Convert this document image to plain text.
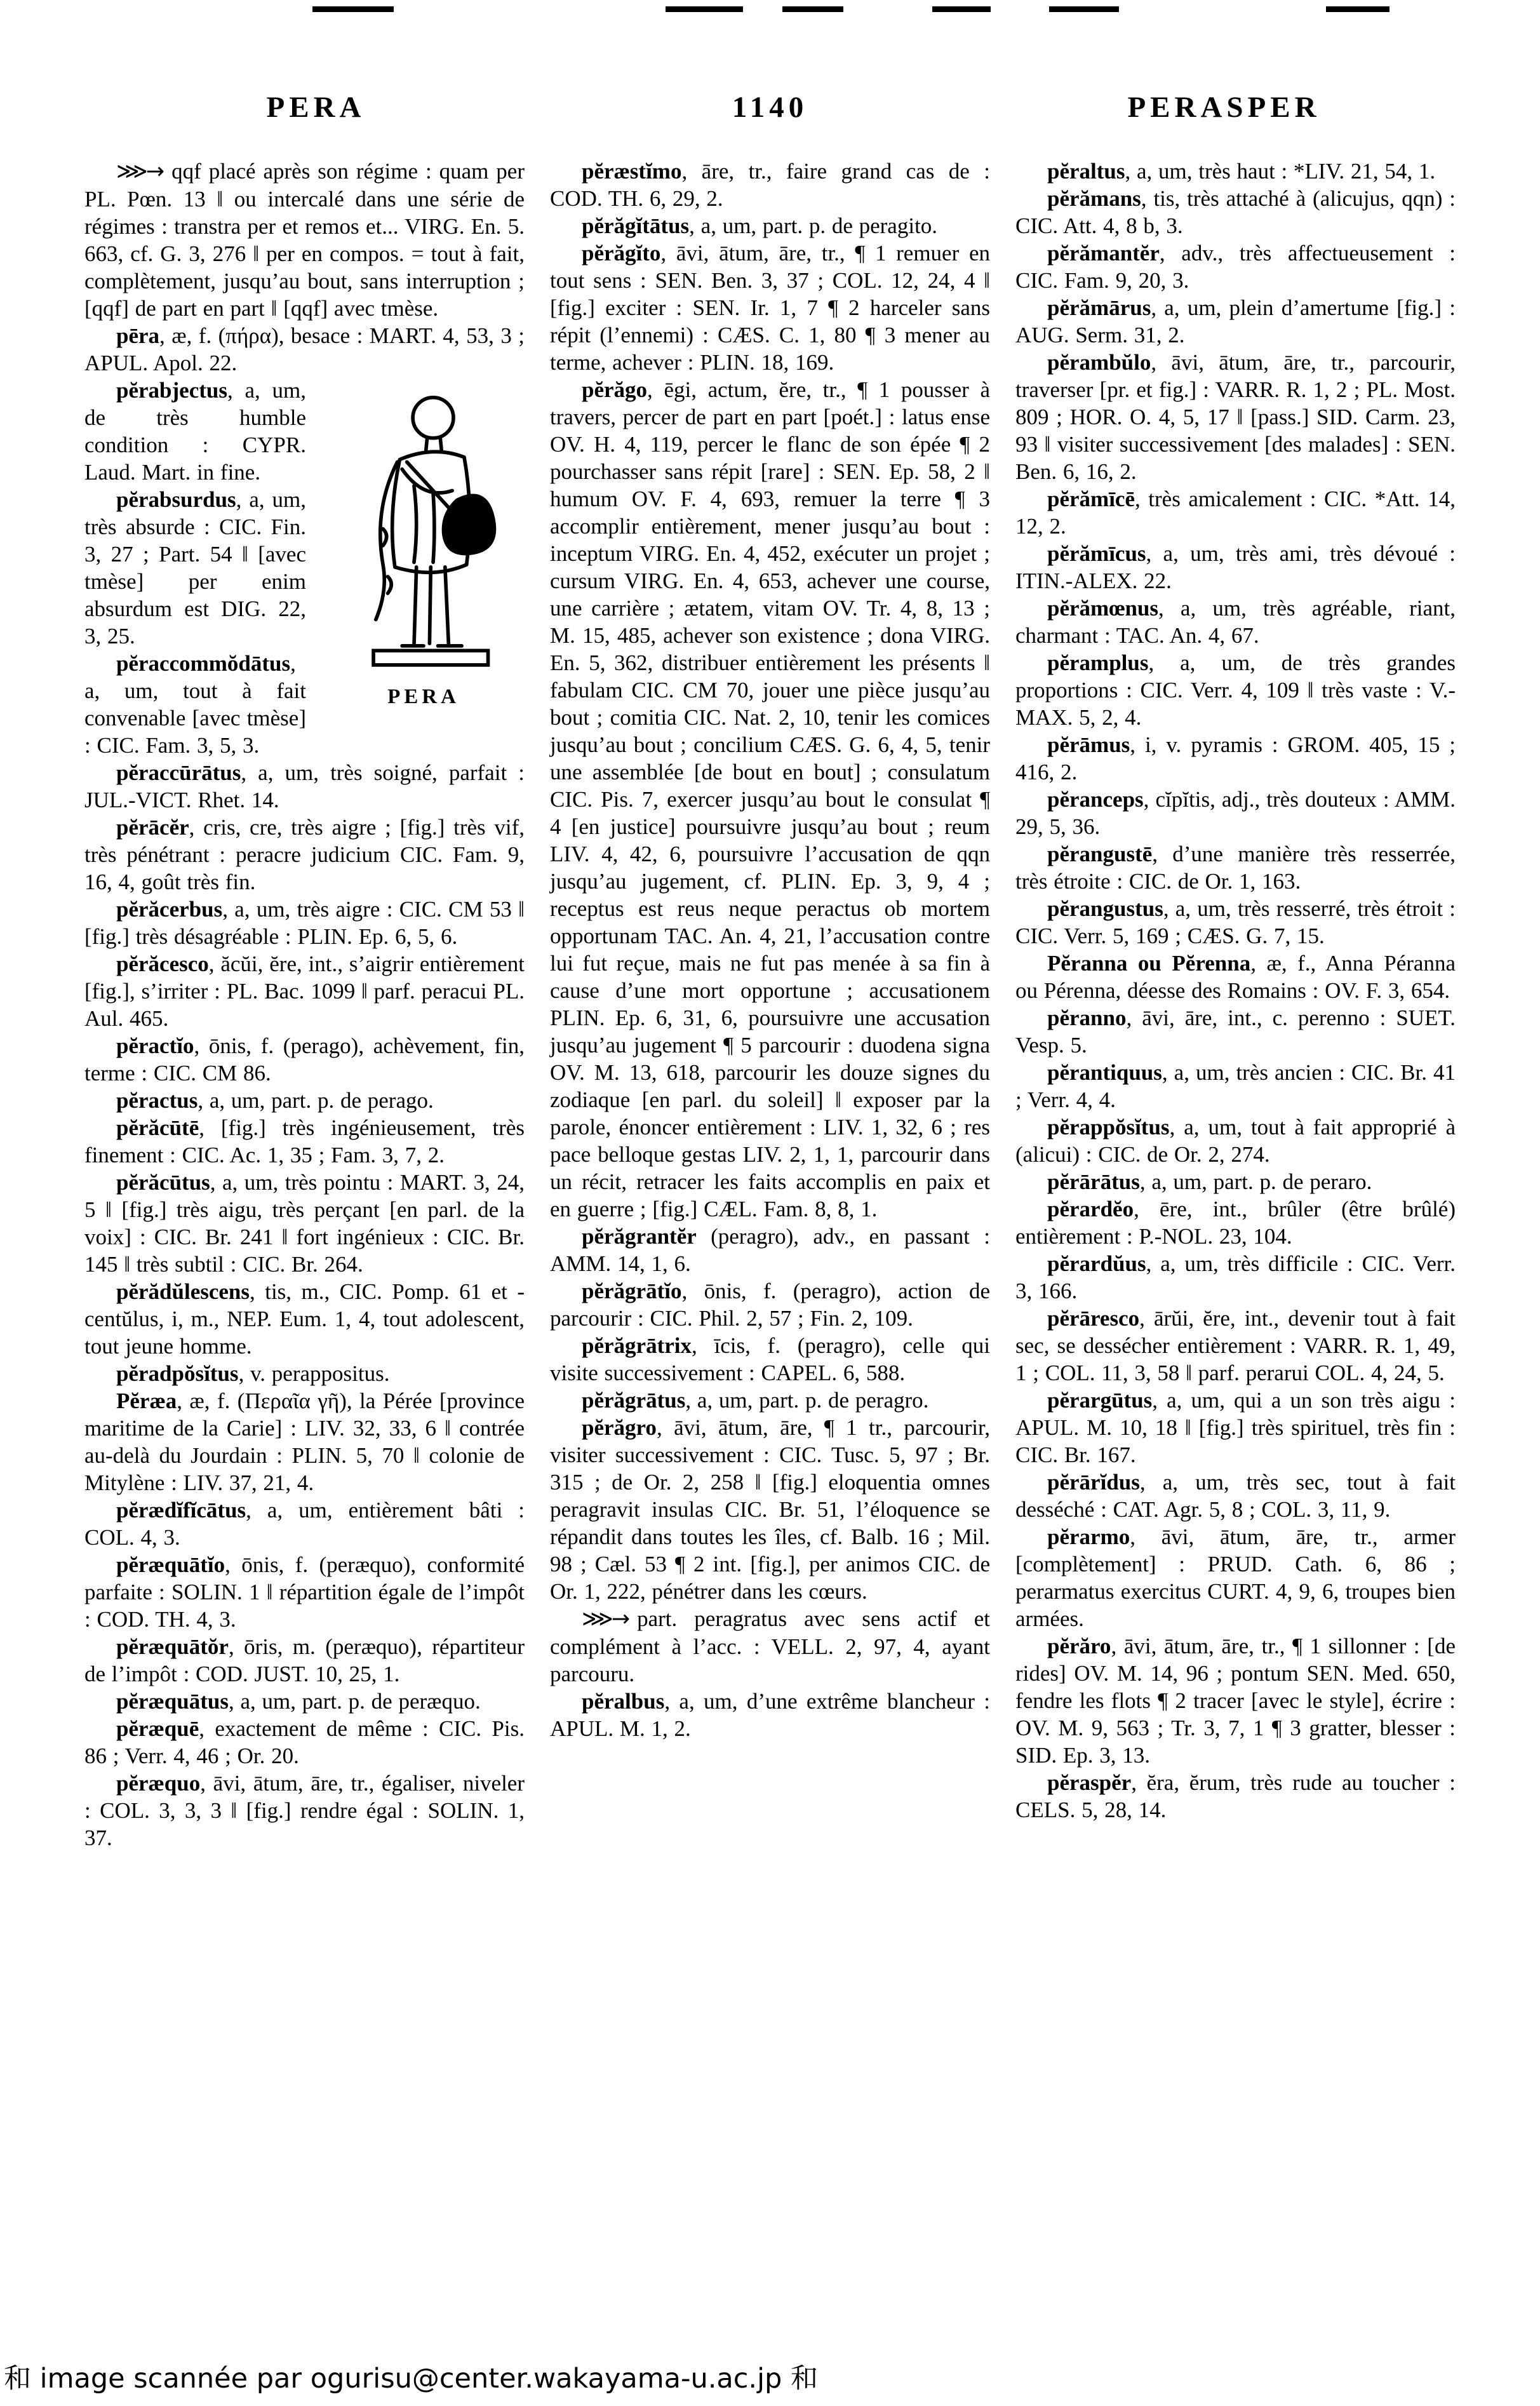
PERA	1140	PERASPER

⋙→ qqf placé après son régime : quam per PL. Pœn. 13 ‖ ou intercalé dans une série de régimes : transtra per et remos et... VIRG. En. 5. 663, cf. G. 3, 276 ‖ per en compos. = tout à fait, complètement, jusqu’au bout, sans interruption ; [qqf] de part en part ‖ [qqf] avec tmèse.

pēra, æ, f. (πήρα), besace : MART. 4, 53, 3 ; APUL. Apol. 22.

PERA

pĕrabjectus, a, um, de très humble condition : CYPR. Laud. Mart. in fine.

pĕrabsurdus, a, um, très absurde : CIC. Fin. 3, 27 ; Part. 54 ‖ [avec tmèse] per enim absurdum est DIG. 22, 3, 25.

pĕraccommŏdātus, a, um, tout à fait convenable [avec tmèse] : CIC. Fam. 3, 5, 3.

pĕraccūrātus, a, um, très soigné, parfait : JUL.-VICT. Rhet. 14.

pĕrācĕr, cris, cre, très aigre ; [fig.] très vif, très pénétrant : peracre judicium CIC. Fam. 9, 16, 4, goût très fin.

pĕrăcerbus, a, um, très aigre : CIC. CM 53 ‖ [fig.] très désagréable : PLIN. Ep. 6, 5, 6.

pĕrăcesco, ăcŭi, ĕre, int., s’aigrir entièrement [fig.], s’irriter : PL. Bac. 1099 ‖ parf. peracui PL. Aul. 465.

pĕractĭo, ōnis, f. (perago), achèvement, fin, terme : CIC. CM 86.

pĕractus, a, um, part. p. de perago.

pĕrăcūtē, [fig.] très ingénieusement, très finement : CIC. Ac. 1, 35 ; Fam. 3, 7, 2.

pĕrăcūtus, a, um, très pointu : MART. 3, 24, 5 ‖ [fig.] très aigu, très perçant [en parl. de la voix] : CIC. Br. 241 ‖ fort ingénieux : CIC. Br. 145 ‖ très subtil : CIC. Br. 264.

pĕrădŭlescens, tis, m., CIC. Pomp. 61 et -centŭlus, i, m., NEP. Eum. 1, 4, tout adolescent, tout jeune homme.

pĕradpŏsĭtus, v. perappositus.

Pĕræa, æ, f. (Περαῖα γῆ), la Pérée [province maritime de la Carie] : LIV. 32, 33, 6 ‖ contrée au-delà du Jourdain : PLIN. 5, 70 ‖ colonie de Mitylène : LIV. 37, 21, 4.

pĕrædĭfĭcātus, a, um, entièrement bâti : COL. 4, 3.

pĕræquātĭo, ōnis, f. (peræquo), conformité parfaite : SOLIN. 1 ‖ répartition égale de l’impôt : COD. TH. 4, 3.

pĕræquātŏr, ōris, m. (peræquo), répartiteur de l’impôt : COD. JUST. 10, 25, 1.

pĕræquātus, a, um, part. p. de peræquo.

pĕræquē, exactement de même : CIC. Pis. 86 ; Verr. 4, 46 ; Or. 20.

pĕræquo, āvi, ātum, āre, tr., égaliser, niveler : COL. 3, 3, 3 ‖ [fig.] rendre égal : SOLIN. 1, 37.

pĕræstĭmo, āre, tr., faire grand cas de : COD. TH. 6, 29, 2.

pĕrăgĭtātus, a, um, part. p. de peragito.

pĕrăgĭto, āvi, ātum, āre, tr., ¶ 1 remuer en tout sens : SEN. Ben. 3, 37 ; COL. 12, 24, 4 ‖ [fig.] exciter : SEN. Ir. 1, 7 ¶ 2 harceler sans répit (l’ennemi) : CÆS. C. 1, 80 ¶ 3 mener au terme, achever : PLIN. 18, 169.

pĕrăgo, ēgi, actum, ĕre, tr., ¶ 1 pousser à travers, percer de part en part [poét.] : latus ense OV. H. 4, 119, percer le flanc de son épée ¶ 2 pourchasser sans répit [rare] : SEN. Ep. 58, 2 ‖ humum OV. F. 4, 693, remuer la terre ¶ 3 accomplir entièrement, mener jusqu’au bout : inceptum VIRG. En. 4, 452, exécuter un projet ; cursum VIRG. En. 4, 653, achever une course, une carrière ; ætatem, vitam OV. Tr. 4, 8, 13 ; M. 15, 485, achever son existence ; dona VIRG. En. 5, 362, distribuer entièrement les présents ‖ fabulam CIC. CM 70, jouer une pièce jusqu’au bout ; comitia CIC. Nat. 2, 10, tenir les comices jusqu’au bout ; concilium CÆS. G. 6, 4, 5, tenir une assemblée [de bout en bout] ; consulatum CIC. Pis. 7, exercer jusqu’au bout le consulat ¶ 4 [en justice] poursuivre jusqu’au bout ; reum LIV. 4, 42, 6, poursuivre l’accusation de qqn jusqu’au jugement, cf. PLIN. Ep. 3, 9, 4 ; receptus est reus neque peractus ob mortem opportunam TAC. An. 4, 21, l’accusation contre lui fut reçue, mais ne fut pas menée à sa fin à cause d’une mort opportune ; accusationem PLIN. Ep. 6, 31, 6, poursuivre une accusation jusqu’au jugement ¶ 5 parcourir : duodena signa OV. M. 13, 618, parcourir les douze signes du zodiaque [en parl. du soleil] ‖ exposer par la parole, énoncer entièrement : LIV. 1, 32, 6 ; res pace belloque gestas LIV. 2, 1, 1, parcourir dans un récit, retracer les faits accomplis en paix et en guerre ; [fig.] CÆL. Fam. 8, 8, 1.

pĕrăgrantĕr (peragro), adv., en passant : AMM. 14, 1, 6.

pĕrăgrātĭo, ōnis, f. (peragro), action de parcourir : CIC. Phil. 2, 57 ; Fin. 2, 109.

pĕrăgrātrix, īcis, f. (peragro), celle qui visite successivement : CAPEL. 6, 588.

pĕrăgrātus, a, um, part. p. de peragro.

pĕrăgro, āvi, ātum, āre, ¶ 1 tr., parcourir, visiter successivement : CIC. Tusc. 5, 97 ; Br. 315 ; de Or. 2, 258 ‖ [fig.] eloquentia omnes peragravit insulas CIC. Br. 51, l’éloquence se répandit dans toutes les îles, cf. Balb. 16 ; Mil. 98 ; Cæl. 53 ¶ 2 int. [fig.], per animos CIC. de Or. 1, 222, pénétrer dans les cœurs.

⋙→ part. peragratus avec sens actif et complément à l’acc. : VELL. 2, 97, 4, ayant parcouru.

pĕralbus, a, um, d’une extrême blancheur : APUL. M. 1, 2.

pĕraltus, a, um, très haut : *LIV. 21, 54, 1.

pĕrămans, tis, très attaché à (alicujus, qqn) : CIC. Att. 4, 8 b, 3.

pĕrămantĕr, adv., très affectueusement : CIC. Fam. 9, 20, 3.

pĕrămārus, a, um, plein d’amertume [fig.] : AUG. Serm. 31, 2.

pĕrambŭlo, āvi, ātum, āre, tr., parcourir, traverser [pr. et fig.] : VARR. R. 1, 2 ; PL. Most. 809 ; HOR. O. 4, 5, 17 ‖ [pass.] SID. Carm. 23, 93 ‖ visiter successivement [des malades] : SEN. Ben. 6, 16, 2.

pĕrămīcē, très amicalement : CIC. *Att. 14, 12, 2.

pĕrămīcus, a, um, très ami, très dévoué : ITIN.-ALEX. 22.

pĕrămœnus, a, um, très agréable, riant, charmant : TAC. An. 4, 67.

pĕramplus, a, um, de très grandes proportions : CIC. Verr. 4, 109 ‖ très vaste : V.-MAX. 5, 2, 4.

pĕrāmus, i, v. pyramis : GROM. 405, 15 ; 416, 2.

pĕranceps, cĭpĭtis, adj., très douteux : AMM. 29, 5, 36.

pĕrangustē, d’une manière très resserrée, très étroite : CIC. de Or. 1, 163.

pĕrangustus, a, um, très resserré, très étroit : CIC. Verr. 5, 169 ; CÆS. G. 7, 15.

Pĕranna ou Pĕrenna, æ, f., Anna Péranna ou Pérenna, déesse des Romains : OV. F. 3, 654.

pĕranno, āvi, āre, int., c. perenno : SUET. Vesp. 5.

pĕrantiquus, a, um, très ancien : CIC. Br. 41 ; Verr. 4, 4.

pĕrappŏsĭtus, a, um, tout à fait approprié à (alicui) : CIC. de Or. 2, 274.

pĕrārātus, a, um, part. p. de peraro.

pĕrardĕo, ēre, int., brûler (être brûlé) entièrement : P.-NOL. 23, 104.

pĕrardŭus, a, um, très difficile : CIC. Verr. 3, 166.

pĕrāresco, ārŭi, ĕre, int., devenir tout à fait sec, se dessécher entièrement : VARR. R. 1, 49, 1 ; COL. 11, 3, 58 ‖ parf. perarui COL. 4, 24, 5.

pĕrargūtus, a, um, qui a un son très aigu : APUL. M. 10, 18 ‖ [fig.] très spirituel, très fin : CIC. Br. 167.

pĕrārĭdus, a, um, très sec, tout à fait desséché : CAT. Agr. 5, 8 ; COL. 3, 11, 9.

pĕrarmo, āvi, ātum, āre, tr., armer [complètement] : PRUD. Cath. 6, 86 ; perarmatus exercitus CURT. 4, 9, 6, troupes bien armées.

pĕrăro, āvi, ātum, āre, tr., ¶ 1 sillonner : [de rides] OV. M. 14, 96 ; pontum SEN. Med. 650, fendre les flots ¶ 2 tracer [avec le style], écrire : OV. M. 9, 563 ; Tr. 3, 7, 1 ¶ 3 gratter, blesser : SID. Ep. 3, 13.

pĕraspĕr, ĕra, ĕrum, très rude au toucher : CELS. 5, 28, 14.

和 image scannée par ogurisu@center.wakayama-u.ac.jp 和
